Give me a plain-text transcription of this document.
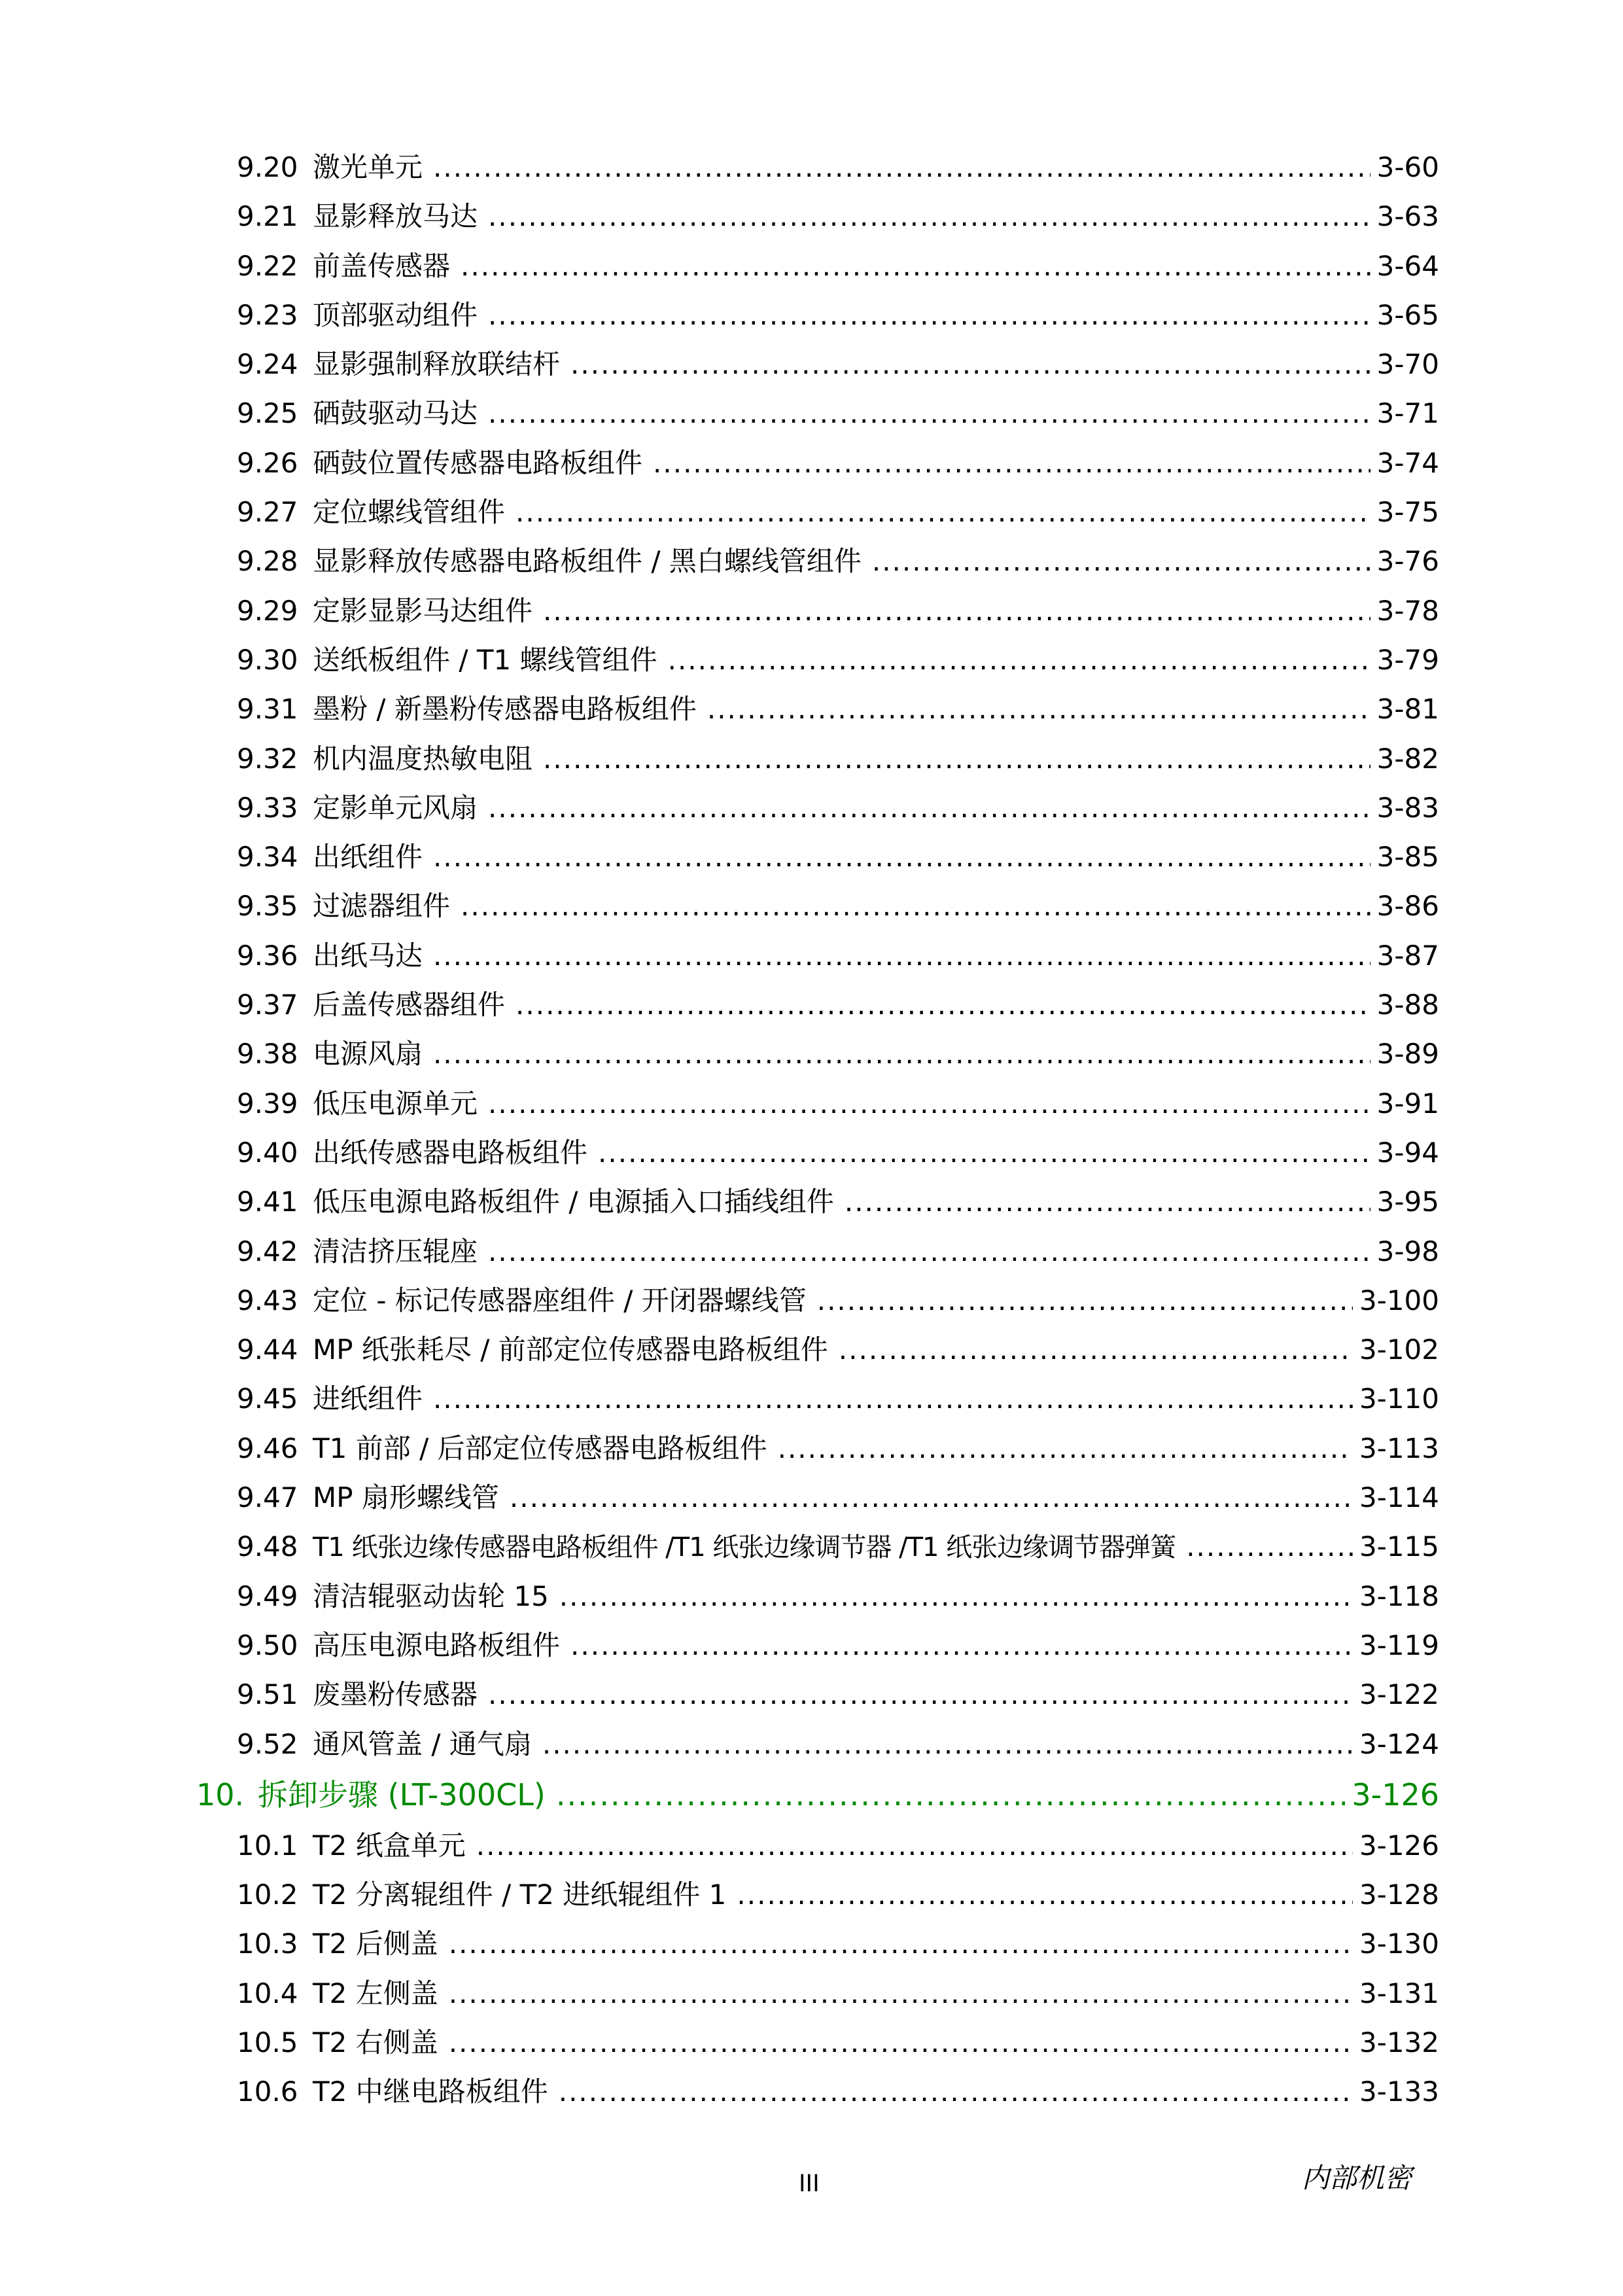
9.20 激光单元 .....	3-60
9.21 显影释放马达 .....	3-63
9.22 前盖传感器 .....	3-64
9.23 顶部驱动组件 .....	3-65
9.24 显影强制释放联结杆 .....	3-70
9.25 硒鼓驱动马达 .....	3-71
9.26 硒鼓位置传感器电路板组件 .....	3-74
9.27 定位螺线管组件 .....	3-75
9.28 显影释放传感器电路板组件 / 黑白螺线管组件 .....	3-76
9.29 定影显影马达组件 .....	3-78
9.30 送纸板组件 / T1 螺线管组件 .....	3-79
9.31 墨粉 / 新墨粉传感器电路板组件 .....	3-81
9.32 机内温度热敏电阻 .....	3-82
9.33 定影单元风扇 .....	3-83
9.34 出纸组件 .....	3-85
9.35 过滤器组件 .....	3-86
9.36 出纸马达 .....	3-87
9.37 后盖传感器组件 .....	3-88
9.38 电源风扇 .....	3-89
9.39 低压电源单元 .....	3-91
9.40 出纸传感器电路板组件 .....	3-94
9.41 低压电源电路板组件 / 电源插入口插线组件 .....	3-95
9.42 清洁挤压辊座 .....	3-98
9.43 定位 - 标记传感器座组件 / 开闭器螺线管 .....	3-100
9.44 MP 纸张耗尽 / 前部定位传感器电路板组件 .....	3-102
9.45 进纸组件 .....	3-110
9.46 T1 前部 / 后部定位传感器电路板组件 .....	3-113
9.47 MP 扇形螺线管 .....	3-114
9.48 T1 纸张边缘传感器电路板组件 /T1 纸张边缘调节器 /T1 纸张边缘调节器弹簧 .....	3-115
9.49 清洁辊驱动齿轮 15 .....	3-118
9.50 高压电源电路板组件 .....	3-119
9.51 废墨粉传感器 .....	3-122
9.52 通风管盖 / 通气扇 .....	3-124
10. 拆卸步骤 (LT-300CL) .....	3-126
10.1 T2 纸盒单元 .....	3-126
10.2 T2 分离辊组件 / T2 进纸辊组件 1 .....	3-128
10.3 T2 后侧盖 .....	3-130
10.4 T2 左侧盖 .....	3-131
10.5 T2 右侧盖 .....	3-132
10.6 T2 中继电路板组件 .....	3-133
III	内部机密
